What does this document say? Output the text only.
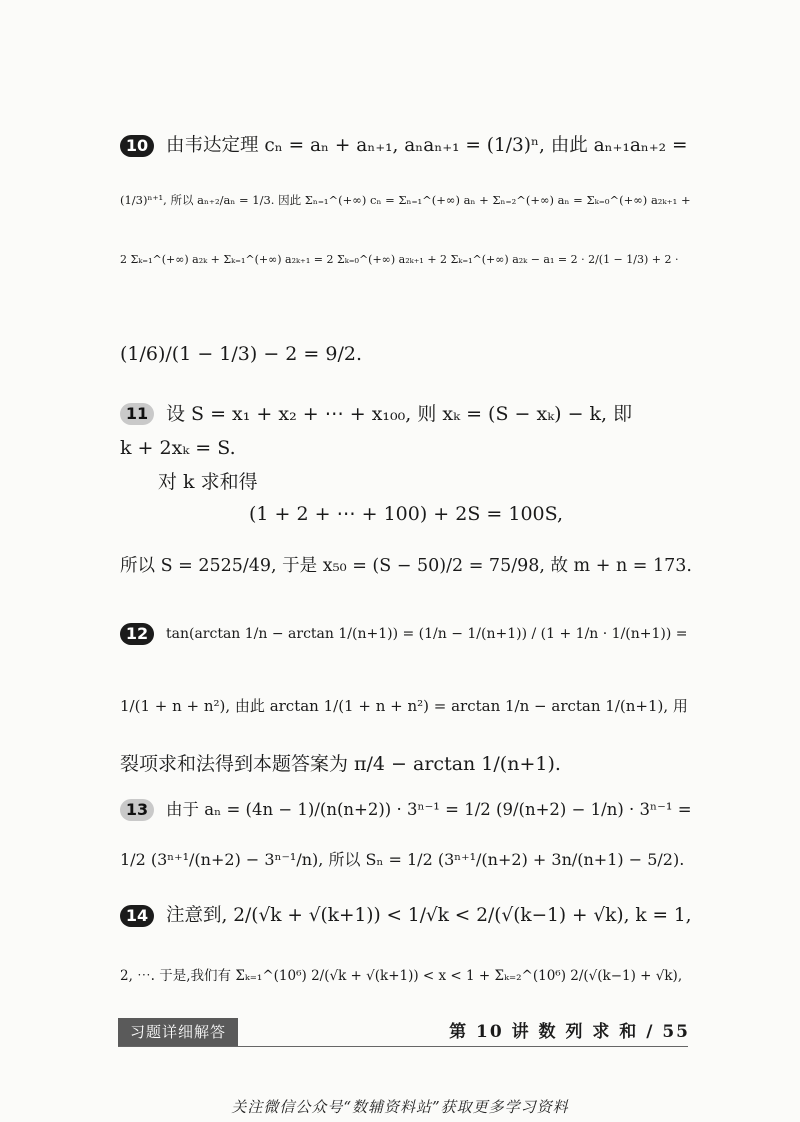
10 由韦达定理 cₙ = aₙ + aₙ₊₁, aₙaₙ₊₁ = (1/3)ⁿ, 由此 aₙ₊₁aₙ₊₂ =
(1/3)ⁿ⁺¹, 所以 aₙ₊₂/aₙ = 1/3. 因此 Σₙ₌₁^(+∞) cₙ = Σₙ₌₁^(+∞) aₙ + Σₙ₌₂^(+∞) aₙ = Σₖ₌₀^(+∞) a₂ₖ₊₁ +
2 Σₖ₌₁^(+∞) a₂ₖ + Σₖ₌₁^(+∞) a₂ₖ₊₁ = 2 Σₖ₌₀^(+∞) a₂ₖ₊₁ + 2 Σₖ₌₁^(+∞) a₂ₖ − a₁ = 2 · 2/(1 − 1/3) + 2 ·
(1/6)/(1 − 1/3) − 2 = 9/2.
11 设 S = x₁ + x₂ + ⋯ + x₁₀₀, 则 xₖ = (S − xₖ) − k, 即
k + 2xₖ = S.
对 k 求和得
(1 + 2 + ⋯ + 100) + 2S = 100S,
所以 S = 2525/49, 于是 x₅₀ = (S − 50)/2 = 75/98, 故 m + n = 173.
12	tan(arctan 1/n − arctan 1/(n+1)) = (1/n − 1/(n+1)) / (1 + 1/n · 1/(n+1)) =
1/(1 + n + n²), 由此 arctan 1/(1 + n + n²) = arctan 1/n − arctan 1/(n+1), 用
裂项求和法得到本题答案为 π/4 − arctan 1/(n+1).
13	由于 aₙ = (4n − 1)/(n(n+2)) · 3ⁿ⁻¹ = 1/2 (9/(n+2) − 1/n) · 3ⁿ⁻¹ =
1/2 (3ⁿ⁺¹/(n+2) − 3ⁿ⁻¹/n), 所以 Sₙ = 1/2 (3ⁿ⁺¹/(n+2) + 3n/(n+1) − 5/2).
14 注意到, 2/(√k + √(k+1)) < 1/√k < 2/(√(k−1) + √k), k = 1,
2, ⋯. 于是,我们有 Σₖ₌₁^(10⁶) 2/(√k + √(k+1)) < x < 1 + Σₖ₌₂^(10⁶) 2/(√(k−1) + √k),
习题详细解答	第 10 讲 数 列 求 和 / 55
关注微信公众号“数辅资料站”获取更多学习资料
